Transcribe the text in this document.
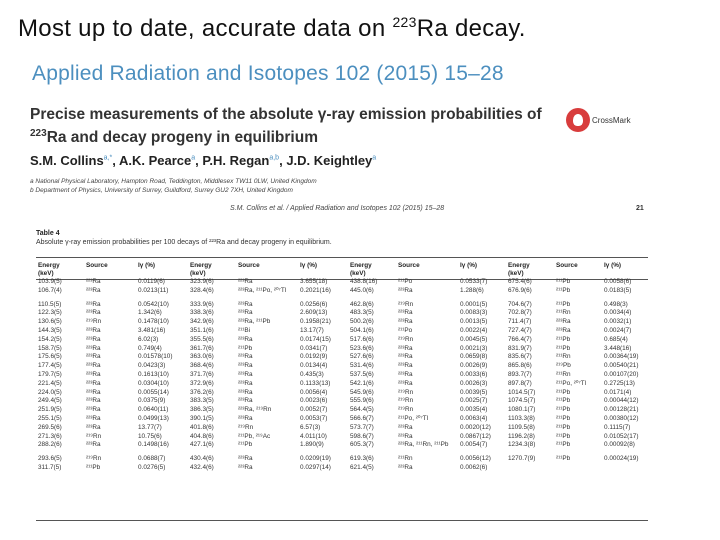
Most up to date, accurate data on $^{223}$Ra decay.
Applied Radiation and Isotopes 102 (2015) 15–28
Precise measurements of the absolute γ-ray emission probabilities of
$^{223}$Ra and decay progeny in equilibrium
CrossMark
S.M. Collins$^{a,*}$, A.K. Pearce$^a$, P.H. Regan$^{a,b}$, J.D. Keightley$^a$
a National Physical Laboratory, Hampton Road, Teddington, Middlesex TW11 0LW, United Kingdom
b Department of Physics, University of Surrey, Guildford, Surrey GU2 7XH, United Kingdom
S.M. Collins et al. / Applied Radiation and Isotopes 102 (2015) 15–28	21
Table 4
Absolute γ-ray emission probabilities per 100 decays of ²²³Ra and decay progeny in equilibrium.
Energy
(keV)	Source	Iγ (%)	Energy
(keV)	Source	Iγ (%)	Energy
(keV)	Source	Iγ (%)	Energy
(keV)	Source	Iγ (%)
103.9(5)	²²³Ra	0.0119(6)	323.9(6)	²²³Ra	3.655(18)	438.8(16)	²¹¹Po	0.0533(7)	675.4(6)	²¹¹Pb	0.0058(6)
106.7(4)	²²³Ra	0.0213(11)	328.4(6)	²²³Ra, ²¹¹Po, ²⁰⁷Tl	0.2021(16)	445.0(6)	²²³Ra	1.288(6)	676.9(6)	²¹¹Pb	0.0183(5)
110.5(5)	²²³Ra	0.0542(10)	333.9(6)	²²³Ra	0.0256(6)	462.8(6)	²¹⁹Rn	0.0001(5)	704.6(7)	²¹¹Pb	0.498(3)
122.3(5)	²²³Ra	1.342(6)	338.3(6)	²²³Ra	2.609(13)	483.3(5)	²²³Ra	0.0083(3)	702.8(7)	²¹¹Rn	0.0034(4)
130.6(5)	²¹⁹Rn	0.1478(10)	342.9(6)	²²³Ra, ²¹¹Pb	0.1958(21)	500.2(6)	²²³Ra	0.0013(5)	711.4(7)	²²³Ra	0.0032(1)
144.3(5)	²²³Ra	3.481(16)	351.1(6)	²¹¹Bi	13.17(7)	504.1(6)	²¹¹Po	0.0022(4)	727.4(7)	²²³Ra	0.0024(7)
154.2(5)	²²³Ra	6.02(3)	355.5(6)	²²³Ra	0.0174(15)	517.6(6)	²¹⁹Rn	0.0045(5)	766.4(7)	²¹¹Pb	0.685(4)
158.7(5)	²²³Ra	0.749(4)	361.7(6)	²¹¹Pb	0.0341(7)	523.6(6)	²²³Ra	0.0021(3)	831.9(7)	²¹¹Pb	3.448(16)
175.6(5)	²²³Ra	0.01578(10)	363.0(6)	²²³Ra	0.0192(9)	527.6(6)	²²³Ra	0.0659(8)	835.6(7)	²¹¹Rn	0.00364(19)
177.4(5)	²²³Ra	0.0423(3)	368.4(6)	²²³Ra	0.0134(4)	531.4(6)	²²³Ra	0.0026(9)	865.8(6)	²¹⁹Pb	0.00540(21)
179.7(5)	²²³Ra	0.1613(10)	371.7(6)	²²³Ra	0.435(3)	537.5(6)	²²³Ra	0.0033(6)	893.7(7)	²¹¹Rn	0.00107(20)
221.4(5)	²²³Ra	0.0304(10)	372.9(6)	²²³Ra	0.1133(13)	542.1(6)	²²³Ra	0.0026(3)	897.8(7)	²¹¹Po, ²⁰⁷Tl	0.2725(13)
224.0(5)	²²³Ra	0.0055(14)	376.2(6)	²²³Ra	0.0056(4)	545.9(6)	²¹⁹Rn	0.0039(5)	1014.5(7)	²¹¹Pb	0.0171(4)
249.4(5)	²²³Ra	0.0375(9)	383.3(5)	²²³Ra	0.0023(6)	555.9(6)	²¹⁹Rn	0.0025(7)	1074.5(7)	²¹¹Pb	0.00044(12)
251.9(5)	²²³Ra	0.0640(11)	386.3(5)	²²³Ra, ²¹⁹Rn	0.0052(7)	564.4(5)	²¹⁹Rn	0.0035(4)	1080.1(7)	²¹¹Pb	0.00128(21)
255.1(5)	²²³Ra	0.0499(13)	390.1(5)	²²³Ra	0.0053(7)	566.6(7)	²¹¹Po, ²⁰⁷Tl	0.0063(4)	1103.3(8)	²¹¹Pb	0.00380(12)
269.5(6)	²²³Ra	13.77(7)	401.8(6)	²¹⁹Rn	6.57(3)	573.7(7)	²²³Ra	0.0020(12)	1109.5(8)	²¹¹Pb	0.1115(7)
271.3(6)	²¹⁹Rn	10.75(6)	404.8(6)	²¹¹Pb, ²¹⁹Ac	4.011(10)	598.6(7)	²²³Ra	0.0867(12)	1196.2(8)	²¹¹Pb	0.01052(17)
288.2(6)	²²³Ra	0.1498(16)	427.1(6)	²¹¹Pb	1.890(9)	605.3(7)	²²³Ra, ²¹¹Rn, ²¹¹Pb	0.0054(7)	1234.3(8)	²¹¹Pb	0.00092(8)
293.6(5)	²¹⁹Rn	0.0688(7)	430.4(6)	²²³Ra	0.0209(19)	619.3(6)	²¹¹Rn	0.0056(12)	1270.7(9)	²¹¹Pb	0.00024(19)
311.7(5)	²¹¹Pb	0.0276(5)	432.4(6)	²²³Ra	0.0297(14)	621.4(5)	²²³Ra	0.0062(6)			
